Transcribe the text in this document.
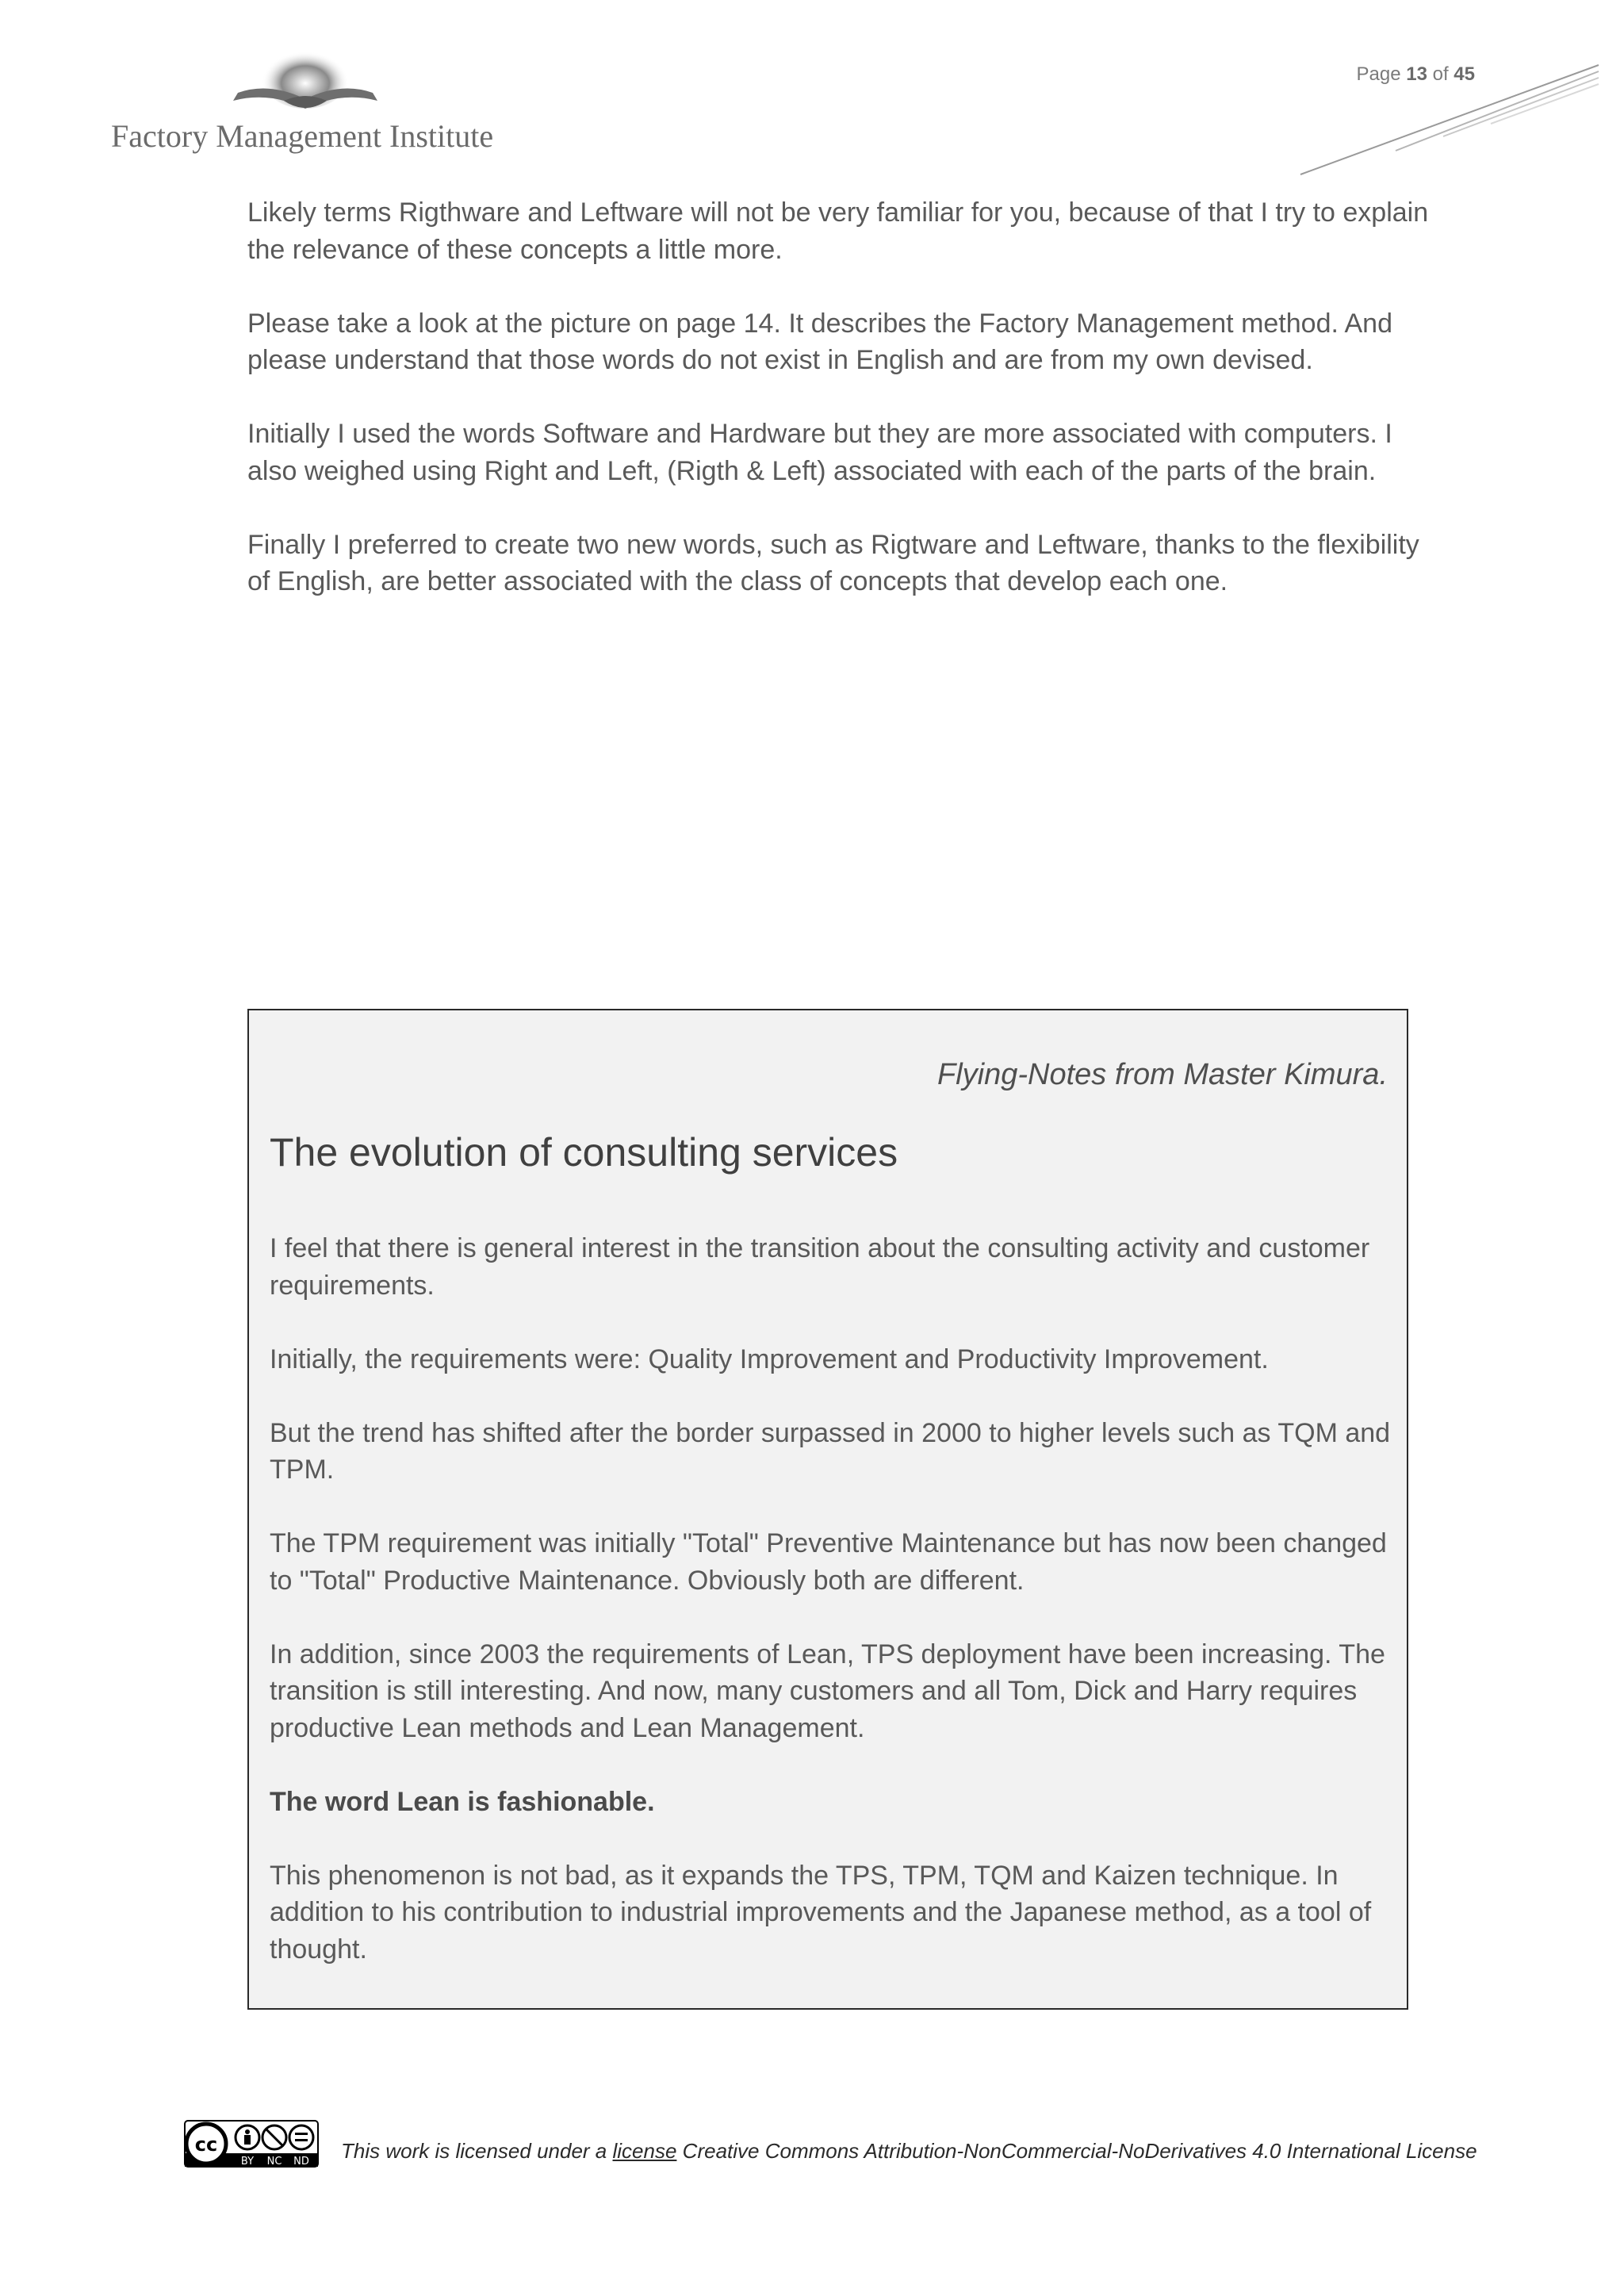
Factory Management Institute
Page 13 of 45

Likely terms Rigthware and Leftware will not be very familiar for you, because of that I try to explain the relevance of these concepts a little more.

Please take a look at the picture on page 14. It describes the Factory Management method. And please understand that those words do not exist in English and are from my own devised.

Initially I used the words Software and Hardware but they are more associated with computers. I also weighed using Right and Left, (Rigth & Left) associated with each of the parts of the brain.

Finally I preferred to create two new words, such as Rigtware and Leftware, thanks to the flexibility of English, are better associated with the class of concepts that develop each one.

Flying-Notes from Master Kimura.
The evolution of consulting services

I feel that there is general interest in the transition about the consulting activity and customer requirements.

Initially, the requirements were: Quality Improvement and Productivity Improvement.

But the trend has shifted after the border surpassed in 2000 to higher levels such as TQM and TPM.

The TPM requirement was initially "Total" Preventive Maintenance but has now been changed to "Total" Productive Maintenance. Obviously both are different.

In addition, since 2003 the requirements of Lean, TPS deployment have been increasing. The transition is still interesting. And now, many customers and all Tom, Dick and Harry requires productive Lean methods and Lean Management.

The word Lean is fashionable.

This phenomenon is not bad, as it expands the TPS, TPM, TQM and Kaizen technique. In addition to his contribution to industrial improvements and the Japanese method, as a tool of thought.

cc
BY NC ND This work is licensed under a license Creative Commons Attribution-NonCommercial-NoDerivatives 4.0 International License
